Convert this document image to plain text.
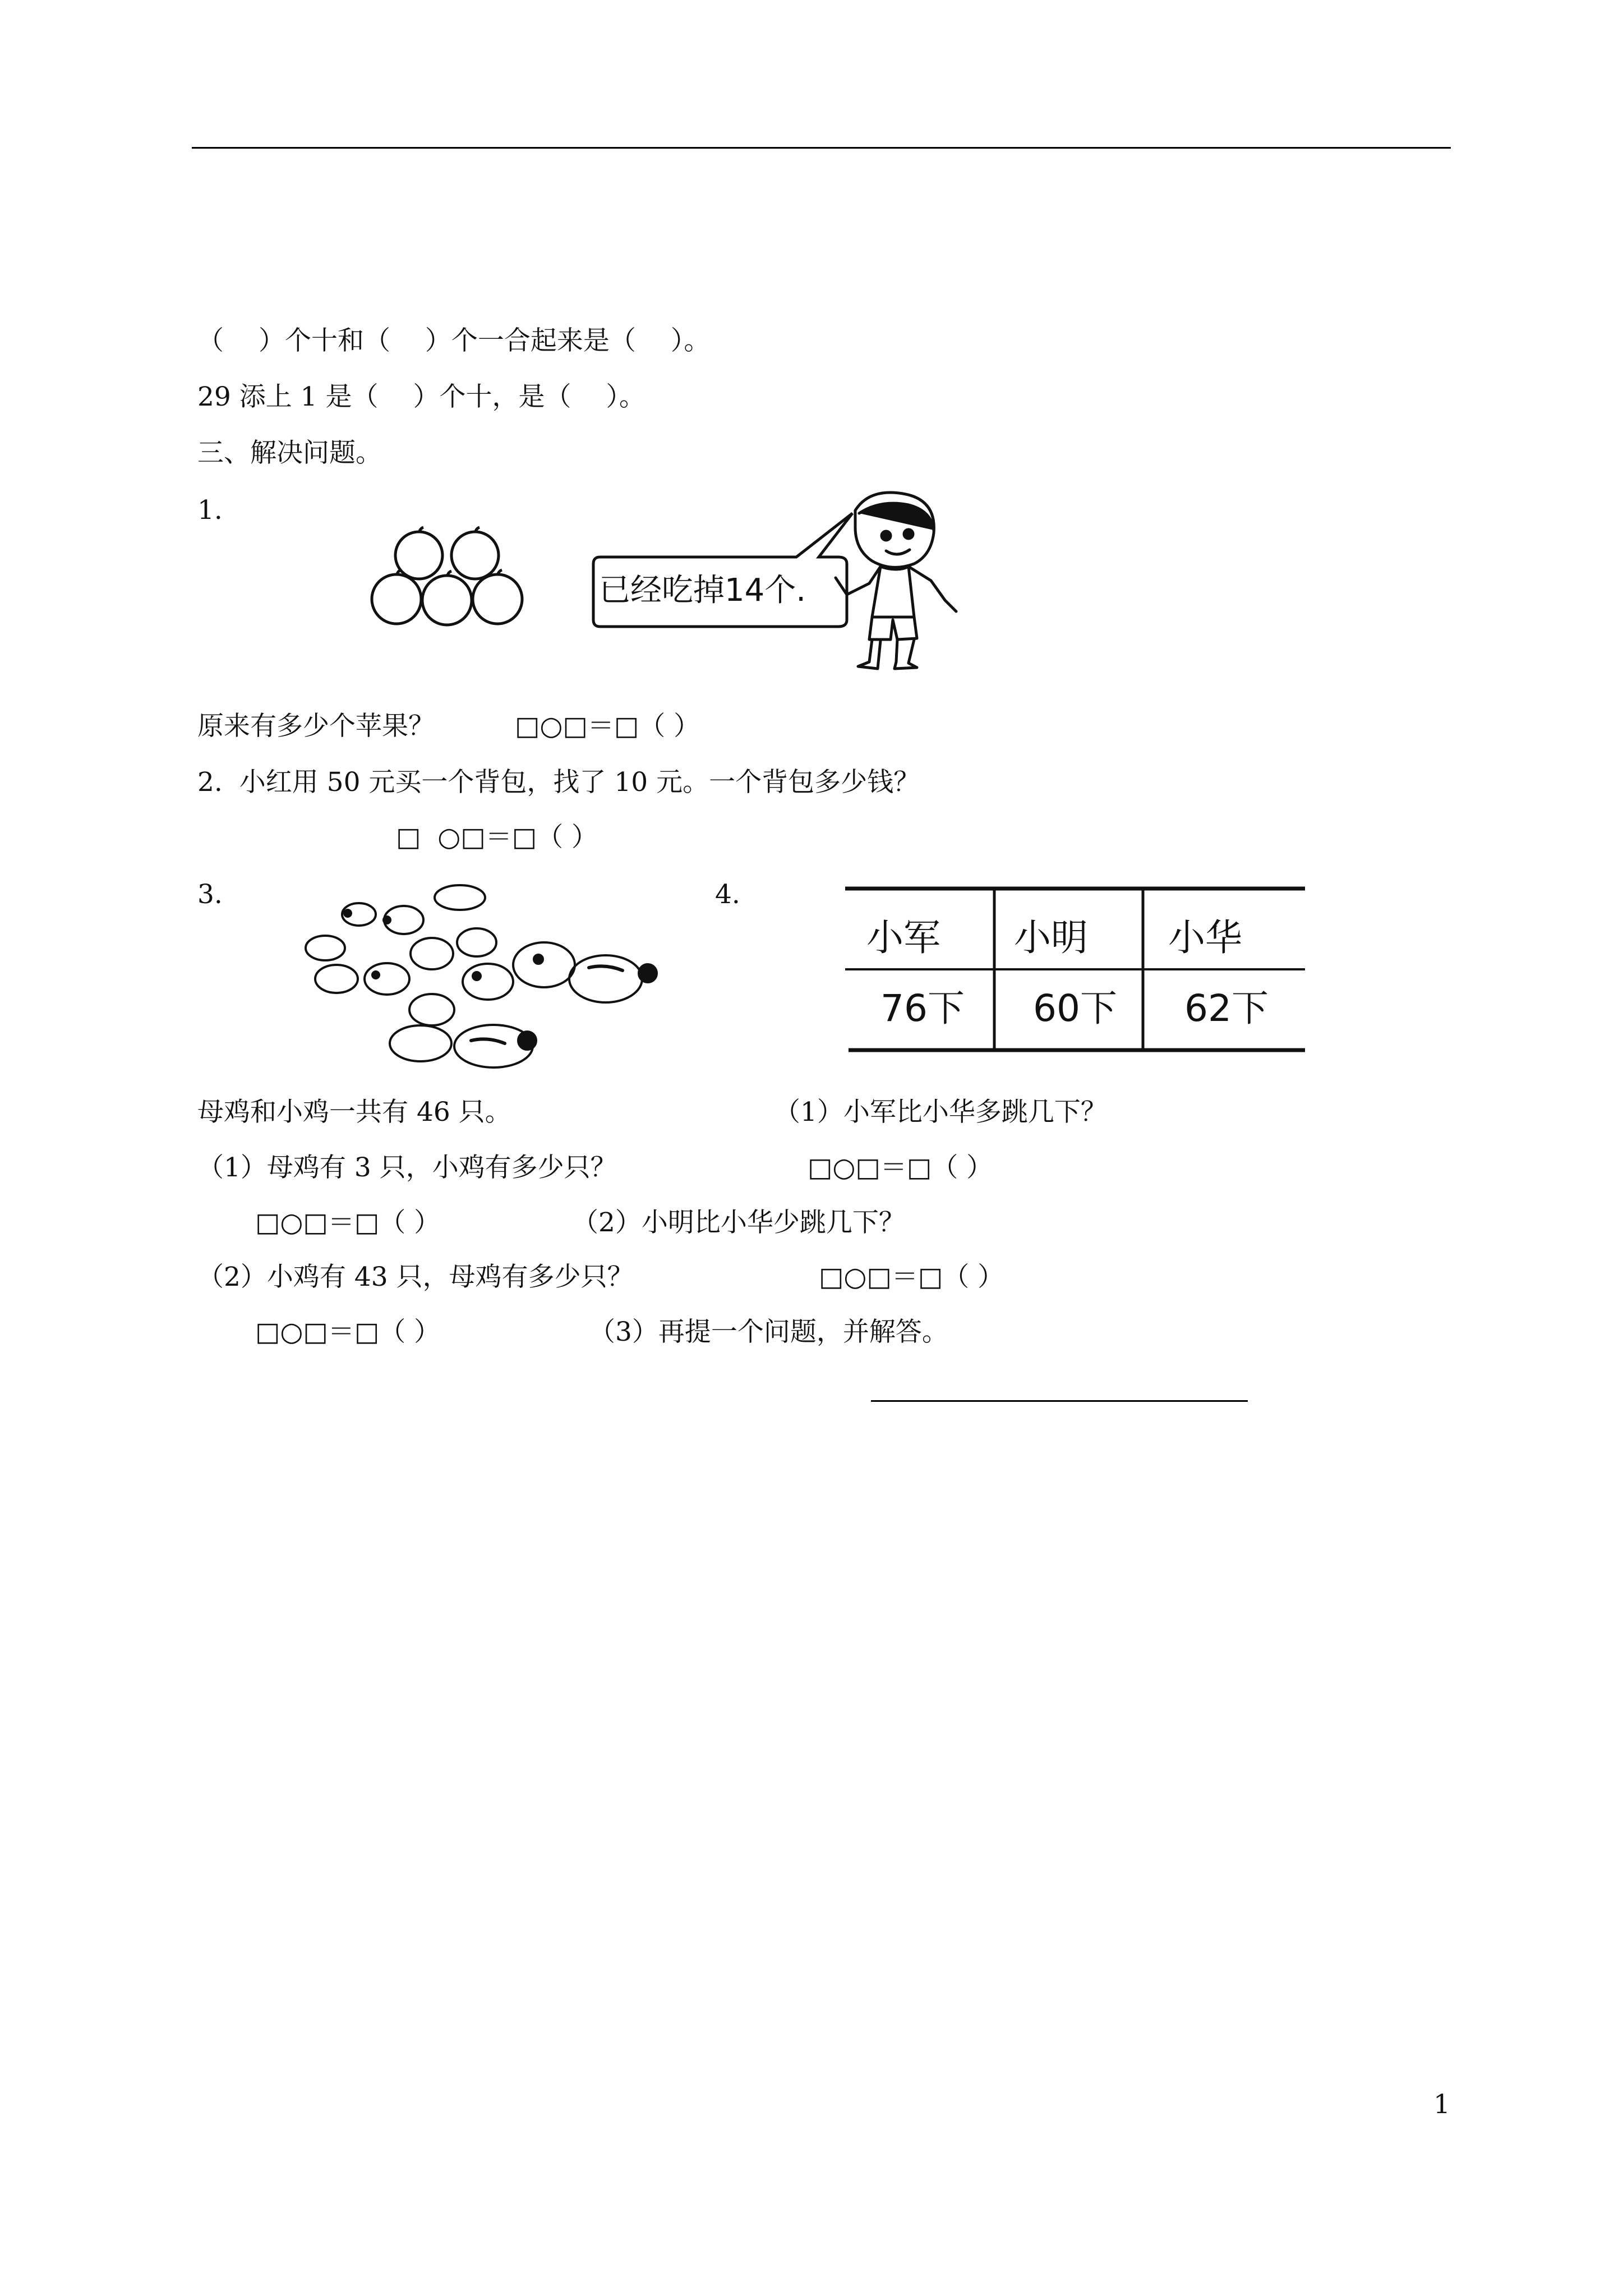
（　 ）个十和（　 ）个一合起来是（　 ）。
29 添上 1 是（　 ）个十，是（　 ）。
三、解决问题。
1.
已经吃掉14个.
原来有多少个苹果？	□○□＝□（ ）
2.  小红用 50 元买一个背包，找了 10 元。一个背包多少钱？
□  ○□＝□（ ）
3.	4.
小军 小明 小华
76下 60下 62下
母鸡和小鸡一共有 46 只。
（1）母鸡有 3 只，小鸡有多少只？
□○□＝□（ ）
（2）小鸡有 43 只，母鸡有多少只？
□○□＝□（ ）
（1）小军比小华多跳几下？
□○□＝□（ ）
（2）小明比小华少跳几下？
□○□＝□（ ）
（3）再提一个问题，并解答。
1
